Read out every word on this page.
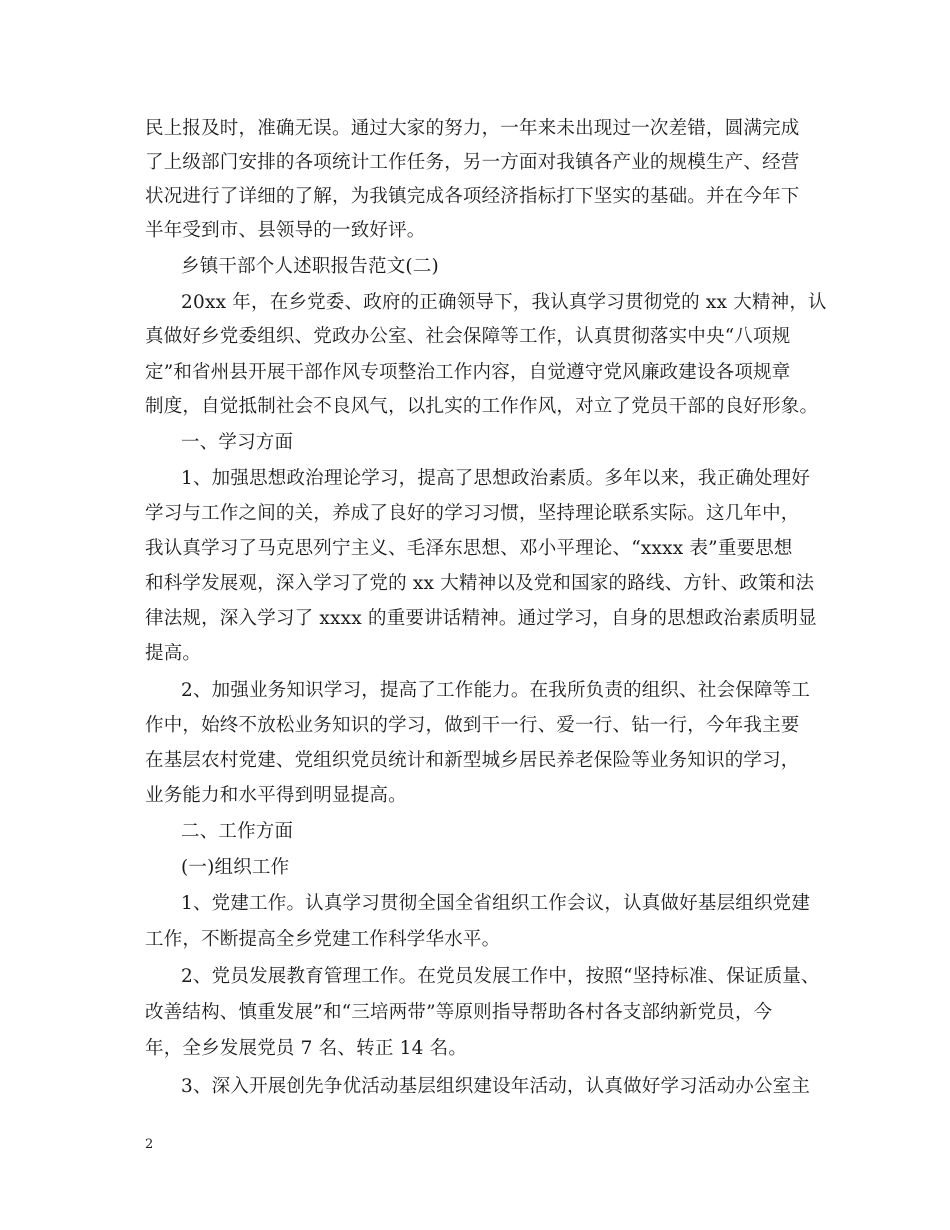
民上报及时，准确无误。通过大家的努力，一年来未出现过一次差错，圆满完成
了上级部门安排的各项统计工作任务，另一方面对我镇各产业的规模生产、经营
状况进行了详细的了解，为我镇完成各项经济指标打下坚实的基础。并在今年下
半年受到市、县领导的一致好评。
乡镇干部个人述职报告范文(二)
20xx 年，在乡党委、政府的正确领导下，我认真学习贯彻党的 xx 大精神，认
真做好乡党委组织、党政办公室、社会保障等工作，认真贯彻落实中央“八项规
定”和省州县开展干部作风专项整治工作内容，自觉遵守党风廉政建设各项规章
制度，自觉抵制社会不良风气，以扎实的工作作风，对立了党员干部的良好形象。
一、学习方面
1、加强思想政治理论学习，提高了思想政治素质。多年以来，我正确处理好
学习与工作之间的关，养成了良好的学习习惯，坚持理论联系实际。这几年中，
我认真学习了马克思列宁主义、毛泽东思想、邓小平理论、“xxxx 表”重要思想
和科学发展观，深入学习了党的 xx 大精神以及党和国家的路线、方针、政策和法
律法规，深入学习了 xxxx 的重要讲话精神。通过学习，自身的思想政治素质明显
提高。
2、加强业务知识学习，提高了工作能力。在我所负责的组织、社会保障等工
作中，始终不放松业务知识的学习，做到干一行、爱一行、钻一行，今年我主要
在基层农村党建、党组织党员统计和新型城乡居民养老保险等业务知识的学习，
业务能力和水平得到明显提高。
二、工作方面
(一)组织工作
1、党建工作。认真学习贯彻全国全省组织工作会议，认真做好基层组织党建
工作，不断提高全乡党建工作科学华水平。
2、党员发展教育管理工作。在党员发展工作中，按照“坚持标准、保证质量、
改善结构、慎重发展”和“三培两带”等原则指导帮助各村各支部纳新党员，今
年，全乡发展党员 7 名、转正 14 名。
3、深入开展创先争优活动基层组织建设年活动，认真做好学习活动办公室主
2
